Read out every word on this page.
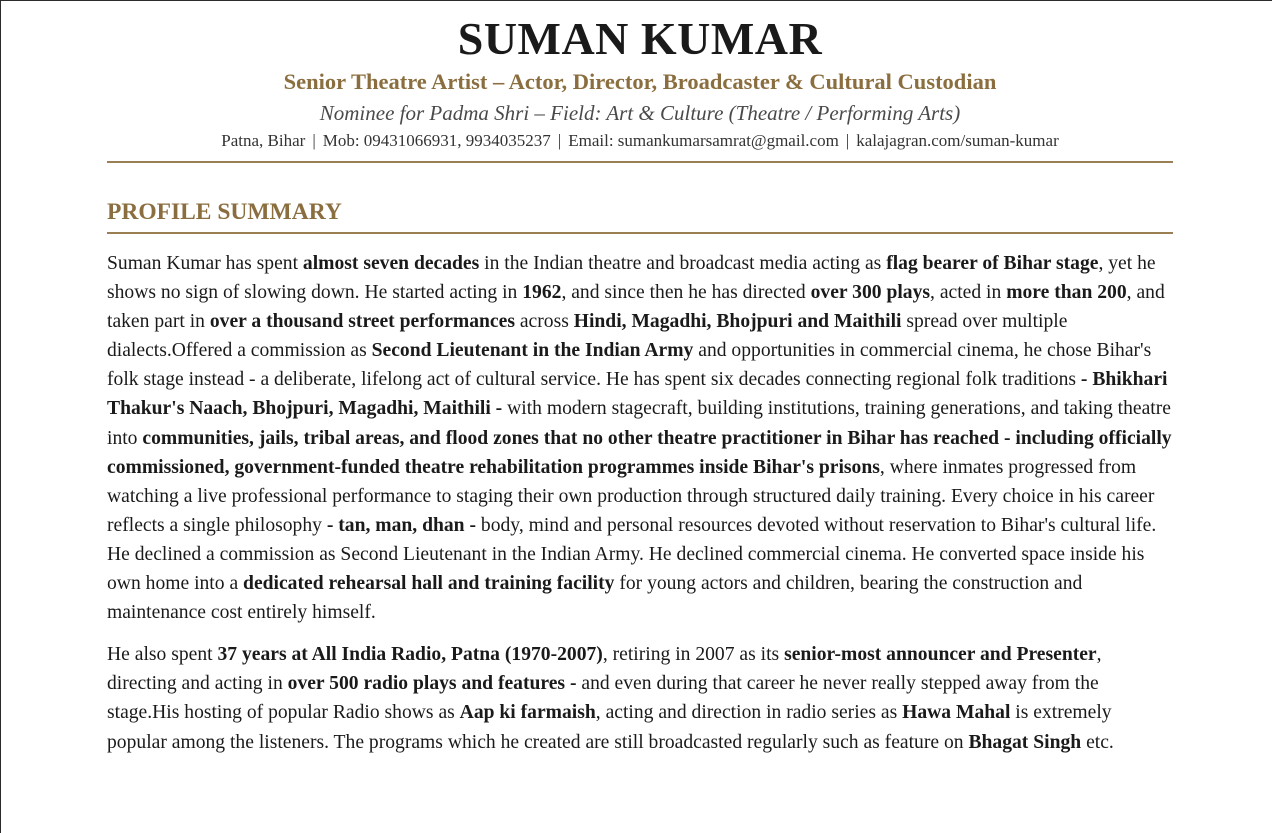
SUMAN KUMAR

Senior Theatre Artist – Actor, Director, Broadcaster & Cultural Custodian

Nominee for Padma Shri – Field: Art & Culture (Theatre / Performing Arts)

Patna, Bihar | Mob: 09431066931, 9934035237 | Email: sumankumarsamrat@gmail.com | kalajagran.com/suman-kumar

PROFILE SUMMARY

Suman Kumar has spent almost seven decades in the Indian theatre and broadcast media acting as flag bearer of Bihar stage, yet he shows no sign of slowing down. He started acting in 1962, and since then he has directed over 300 plays, acted in more than 200, and taken part in over a thousand street performances across Hindi, Magadhi, Bhojpuri and Maithili spread over multiple dialects.Offered a commission as Second Lieutenant in the Indian Army and opportunities in commercial cinema, he chose Bihar's folk stage instead - a deliberate, lifelong act of cultural service. He has spent six decades connecting regional folk traditions - Bhikhari Thakur's Naach, Bhojpuri, Magadhi, Maithili - with modern stagecraft, building institutions, training generations, and taking theatre into communities, jails, tribal areas, and flood zones that no other theatre practitioner in Bihar has reached - including officially commissioned, government-funded theatre rehabilitation programmes inside Bihar's prisons, where inmates progressed from watching a live professional performance to staging their own production through structured daily training. Every choice in his career reflects a single philosophy - tan, man, dhan - body, mind and personal resources devoted without reservation to Bihar's cultural life. He declined a commission as Second Lieutenant in the Indian Army. He declined commercial cinema. He converted space inside his own home into a dedicated rehearsal hall and training facility for young actors and children, bearing the construction and maintenance cost entirely himself.

He also spent 37 years at All India Radio, Patna (1970-2007), retiring in 2007 as its senior-most announcer and Presenter, directing and acting in over 500 radio plays and features - and even during that career he never really stepped away from the stage.His hosting of popular Radio shows as Aap ki farmaish, acting and direction in radio series as Hawa Mahal is extremely popular among the listeners. The programs which he created are still broadcasted regularly such as feature on Bhagat Singh etc.
